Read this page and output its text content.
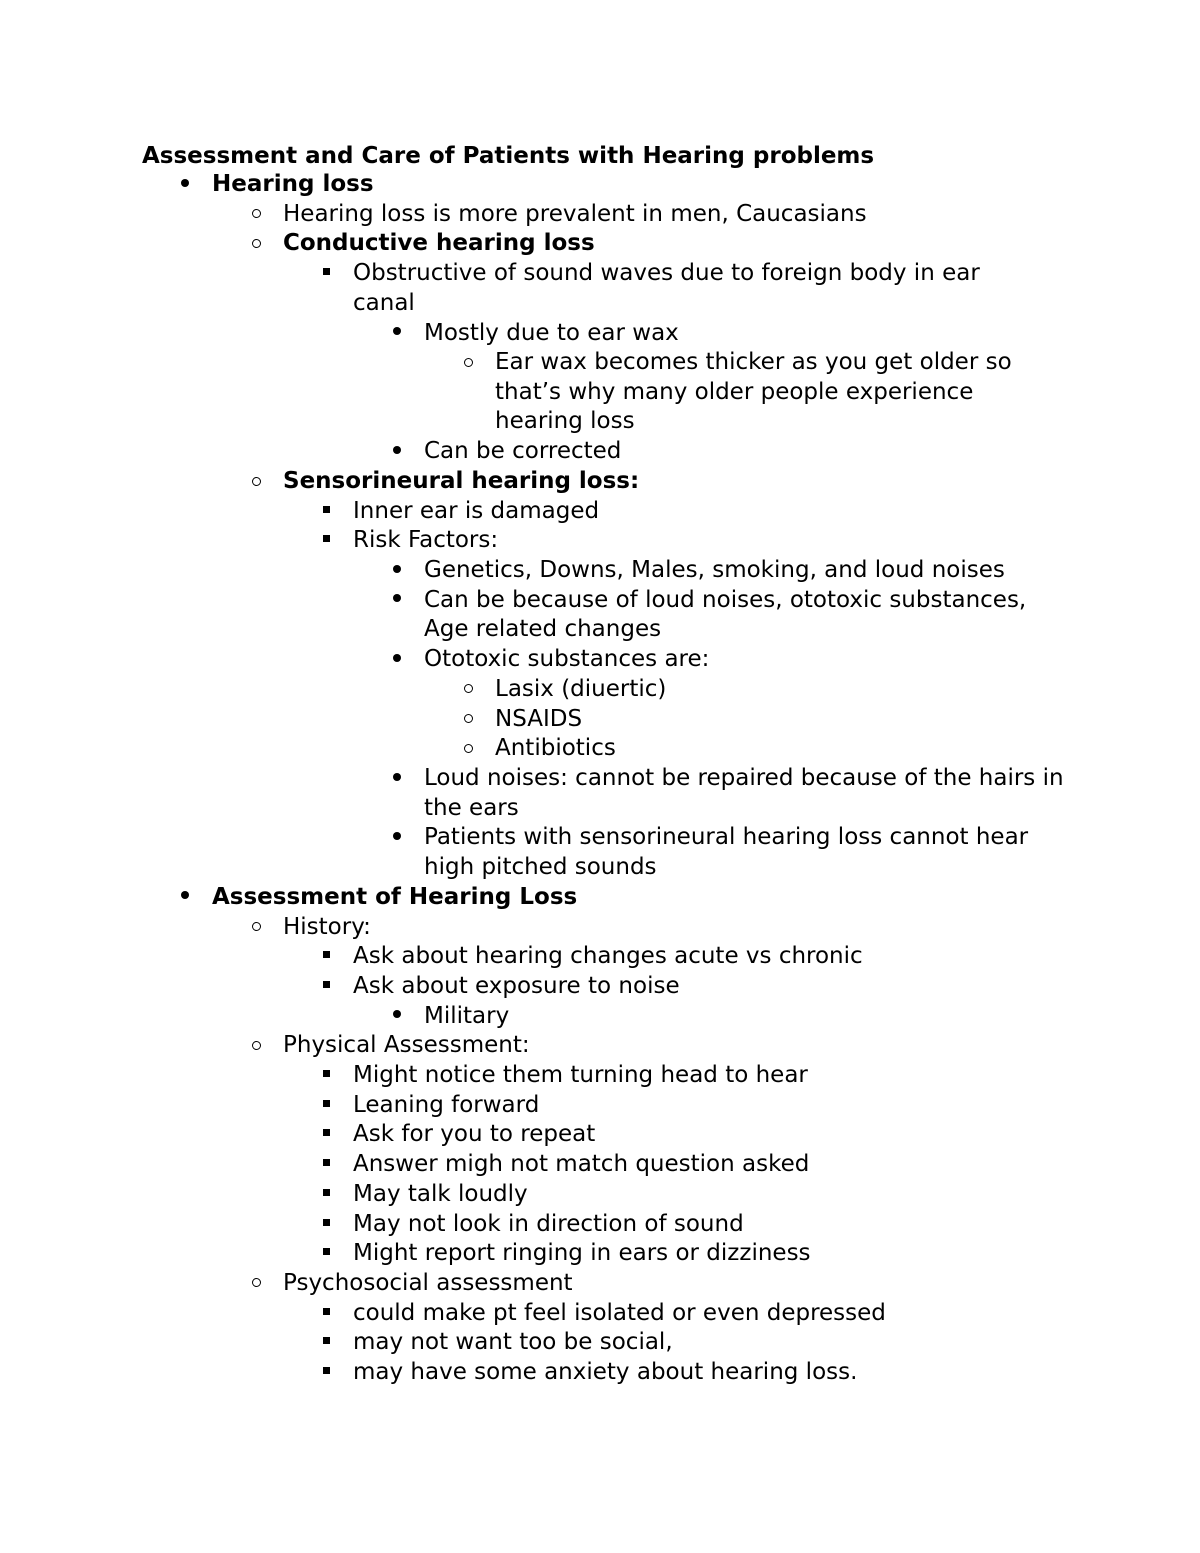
Assessment and Care of Patients with Hearing problems
Hearing loss
Hearing loss is more prevalent in men, Caucasians
Conductive hearing loss
Obstructive of sound waves due to foreign body in ear canal
Mostly due to ear wax
Ear wax becomes thicker as you get older so that’s why many older people experience hearing loss
Can be corrected
Sensorineural hearing loss:
Inner ear is damaged
Risk Factors:
Genetics, Downs, Males, smoking, and loud noises
Can be because of loud noises, ototoxic substances, Age related changes
Ototoxic substances are:
Lasix (diuertic)
NSAIDS
Antibiotics
Loud noises: cannot be repaired because of the hairs in the ears
Patients with sensorineural hearing loss cannot hear high pitched sounds
Assessment of Hearing Loss
History:
Ask about hearing changes acute vs chronic
Ask about exposure to noise
Military
Physical Assessment:
Might notice them turning head to hear
Leaning forward
Ask for you to repeat
Answer migh not match question asked
May talk loudly
May not look in direction of sound
Might report ringing in ears or dizziness
Psychosocial assessment
could make pt feel isolated or even depressed
may not want too be social,
may have some anxiety about hearing loss.
